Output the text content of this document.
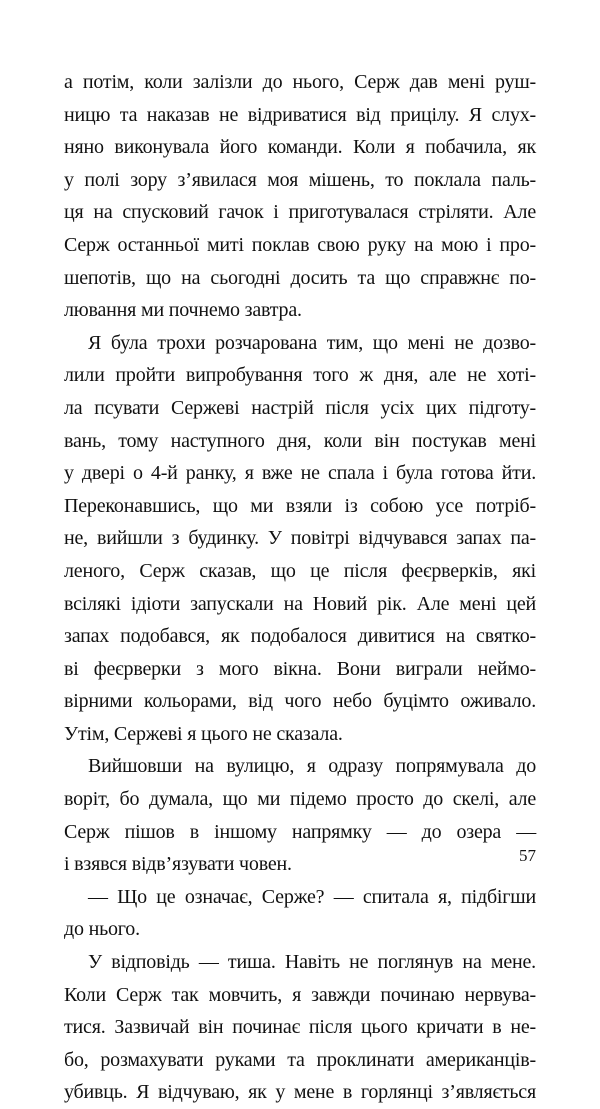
а потім, коли залізли до нього, Серж дав мені руш-
ницю та наказав не відриватися від прицілу. Я слух-
няно виконувала його команди. Коли я побачила, як
у полі зору з’явилася моя мішень, то поклала паль-
ця на спусковий гачок і приготувалася стріляти. Але
Серж останньої миті поклав свою руку на мою і про-
шепотів, що на сьогодні досить та що справжнє по-
лювання ми почнемо завтра.
Я була трохи розчарована тим, що мені не дозво-
лили пройти випробування того ж дня, але не хоті-
ла псувати Сержеві настрій після усіх цих підготу-
вань, тому наступного дня, коли він постукав мені
у двері о 4-й ранку, я вже не спала і була готова йти.
Переконавшись, що ми взяли із собою усе потріб-
не, вийшли з будинку. У повітрі відчувався запах па-
леного, Серж сказав, що це після феєрверків, які
всілякі ідіоти запускали на Новий рік. Але мені цей
запах подобався, як подобалося дивитися на святко-
ві феєрверки з мого вікна. Вони виграли неймо-
вірними кольорами, від чого небо буцімто оживало.
Утім, Сержеві я цього не сказала.
Вийшовши на вулицю, я одразу попрямувала до
воріт, бо думала, що ми підемо просто до скелі, але
Серж пішов в іншому напрямку — до озера —
і взявся відв’язувати човен.
— Що це означає, Серже? — спитала я, підбігши
до нього.
У відповідь — тиша. Навіть не поглянув на мене.
Коли Серж так мовчить, я завжди починаю нервува-
тися. Зазвичай він починає після цього кричати в не-
бо, розмахувати руками та проклинати американців-
убивць. Я відчуваю, як у мене в горлянці з’являється
57
